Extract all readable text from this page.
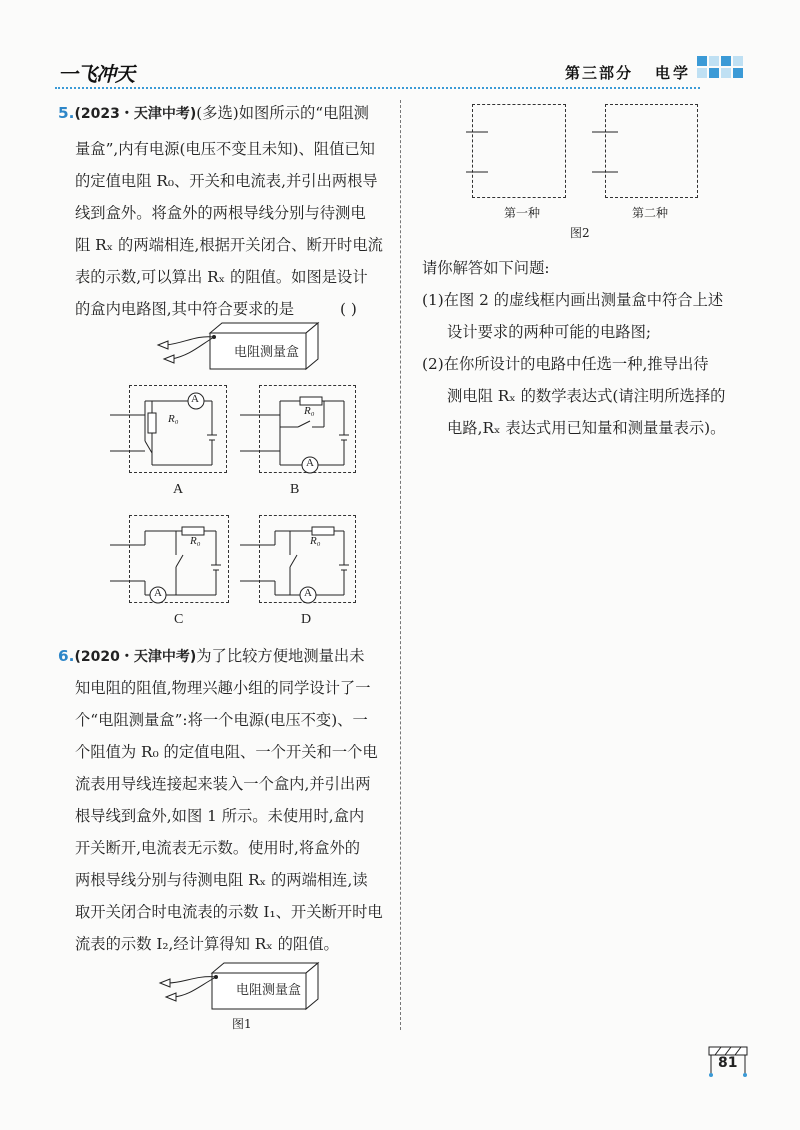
一飞冲天	第三部分 电学

5.(2023・天津中考)(多选)如图所示的“电阻测

量盒”,内有电源(电压不变且未知)、阻值已知

的定值电阻 R₀、开关和电流表,并引出两根导

线到盒外。将盒外的两根导线分别与待测电

阻 Rₓ 的两端相连,根据开关闭合、断开时电流

表的示数,可以算出 Rₓ 的阻值。如图是设计

的盒内电路图,其中符合要求的是	( )

电阻测量盒
A
R₀
A
R₀
A
B
R₀
A
C
R₀
A
D

6.(2020・天津中考)为了比较方便地测量出未

知电阻的阻值,物理兴趣小组的同学设计了一

个“电阻测量盒”:将一个电源(电压不变)、一

个阻值为 R₀ 的定值电阻、一个开关和一个电

流表用导线连接起来装入一个盒内,并引出两

根导线到盒外,如图 1 所示。未使用时,盒内

开关断开,电流表无示数。使用时,将盒外的

两根导线分别与待测电阻 Rₓ 的两端相连,读

取开关闭合时电流表的示数 I₁、开关断开时电

流表的示数 I₂,经计算得知 Rₓ 的阻值。

电阻测量盒
图1
第一种	第二种
图2

请你解答如下问题:

(1)在图 2 的虚线框内画出测量盒中符合上述

设计要求的两种可能的电路图;

(2)在你所设计的电路中任选一种,推导出待

测电阻 Rₓ 的数学表达式(请注明所选择的

电路,Rₓ 表达式用已知量和测量量表示)。

81
